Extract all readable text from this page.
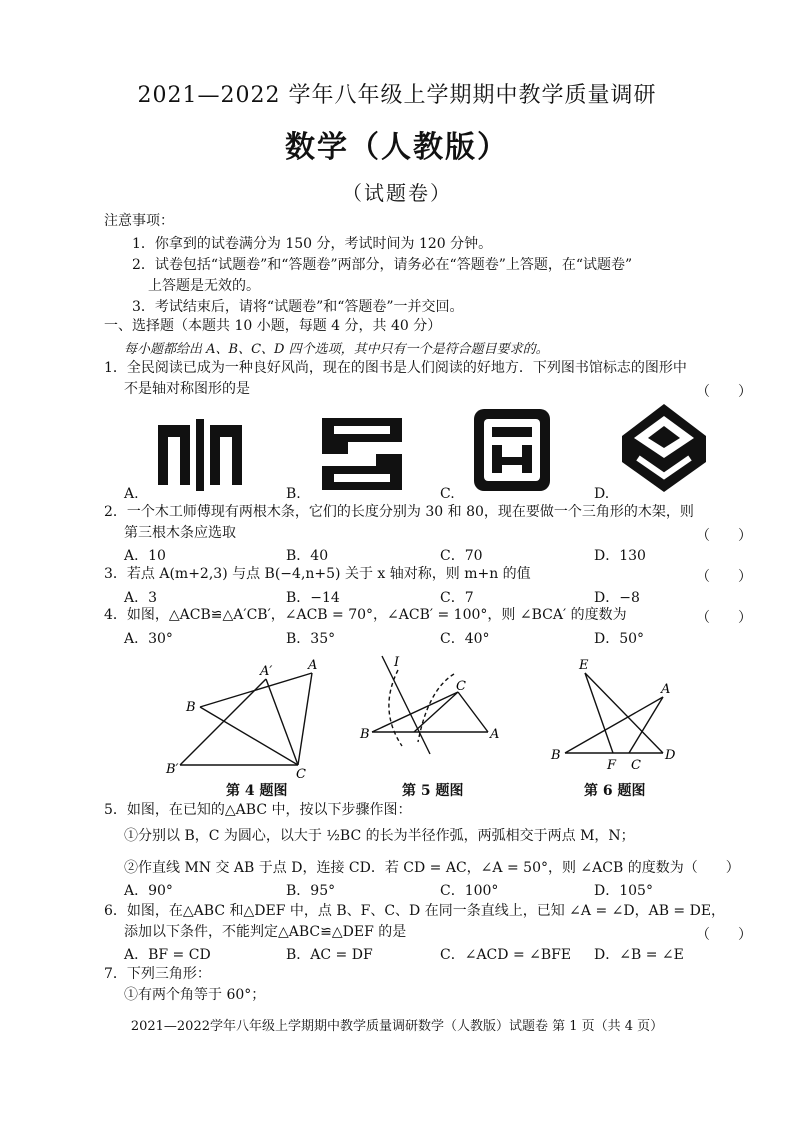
2021—2022 学年八年级上学期期中教学质量调研
数学（人教版）
（试题卷）
注意事项：
1．你拿到的试卷满分为 150 分，考试时间为 120 分钟。
2．试卷包括“试题卷”和“答题卷”两部分，请务必在“答题卷”上答题，在“试题卷”
上答题是无效的。
3．考试结束后，请将“试题卷”和“答题卷”一并交回。
一、选择题（本题共 10 小题，每题 4 分，共 40 分）
每小题都给出 A、B、C、D 四个选项，其中只有一个是符合题目要求的。
1．全民阅读已成为一种良好风尚，现在的图书是人们阅读的好地方．下列图书馆标志的图形中
不是轴对称图形的是	（　　）
A.	B.	C.	D.
2．一个木工师傅现有两根木条，它们的长度分别为 30 和 80，现在要做一个三角形的木架，则
第三根木条应选取	（　　）
A．10	B．40	C．70	D．130
3．若点 A(m+2,3) 与点 B(−4,n+5) 关于 x 轴对称，则 m+n 的值	（　　）
A．3	B．−14	C．7	D．−8
4．如图，△ACB≌△A′CB′，∠ACB = 70°，∠ACB′ = 100°，则 ∠BCA′ 的度数为	（　　）
A．30°	B．35°	C．40°	D．50°
A′	A
B
B′	C
第 4 题图
I
C
B	A
第 5 题图
E
A
B
F C
D
第 6 题图
5．如图，在已知的△ABC 中，按以下步骤作图：
①分别以 B，C 为圆心，以大于 ½BC 的长为半径作弧，两弧相交于两点 M，N；
②作直线 MN 交 AB 于点 D，连接 CD．若 CD = AC，∠A = 50°，则 ∠ACB 的度数为（　　）
A．90°	B．95°	C．100°	D．105°
6．如图，在△ABC 和△DEF 中，点 B、F、C、D 在同一条直线上，已知 ∠A = ∠D，AB = DE，
添加以下条件，不能判定△ABC≌△DEF 的是	（　　）
A．BF = CD	B．AC = DF	C．∠ACD = ∠BFE D．∠B = ∠E
7．下列三角形：
①有两个角等于 60°；
2021—2022学年八年级上学期期中教学质量调研数学（人教版）试题卷 第 1 页（共 4 页）
